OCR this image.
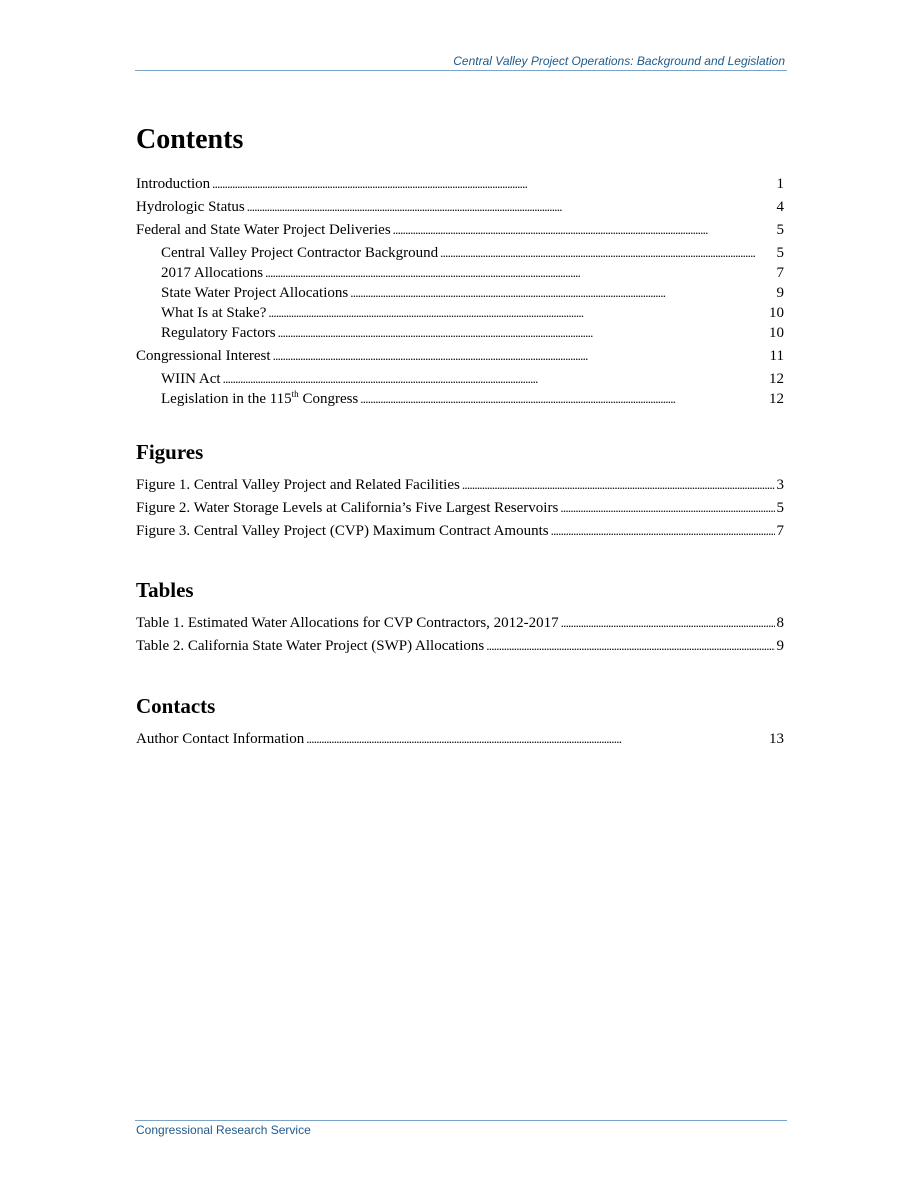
Central Valley Project Operations: Background and Legislation
Contents
Introduction . . .	1
Hydrologic Status . . .	4
Federal and State Water Project Deliveries . . .	5
Central Valley Project Contractor Background . . .	5
2017 Allocations . . .	7
State Water Project Allocations . . .	9
What Is at Stake? . . .	10
Regulatory Factors . . .	10
Congressional Interest . . .	11
WIIN Act . . .	12
Legislation in the 115th Congress . . .	12
Figures
Figure 1. Central Valley Project and Related Facilities . . .	3
Figure 2. Water Storage Levels at California’s Five Largest Reservoirs . . .	5
Figure 3. Central Valley Project (CVP) Maximum Contract Amounts . . .	7
Tables
Table 1. Estimated Water Allocations for CVP Contractors, 2012-2017 . . .	8
Table 2. California State Water Project (SWP) Allocations . . .	9
Contacts
Author Contact Information . . .	13
Congressional Research Service
